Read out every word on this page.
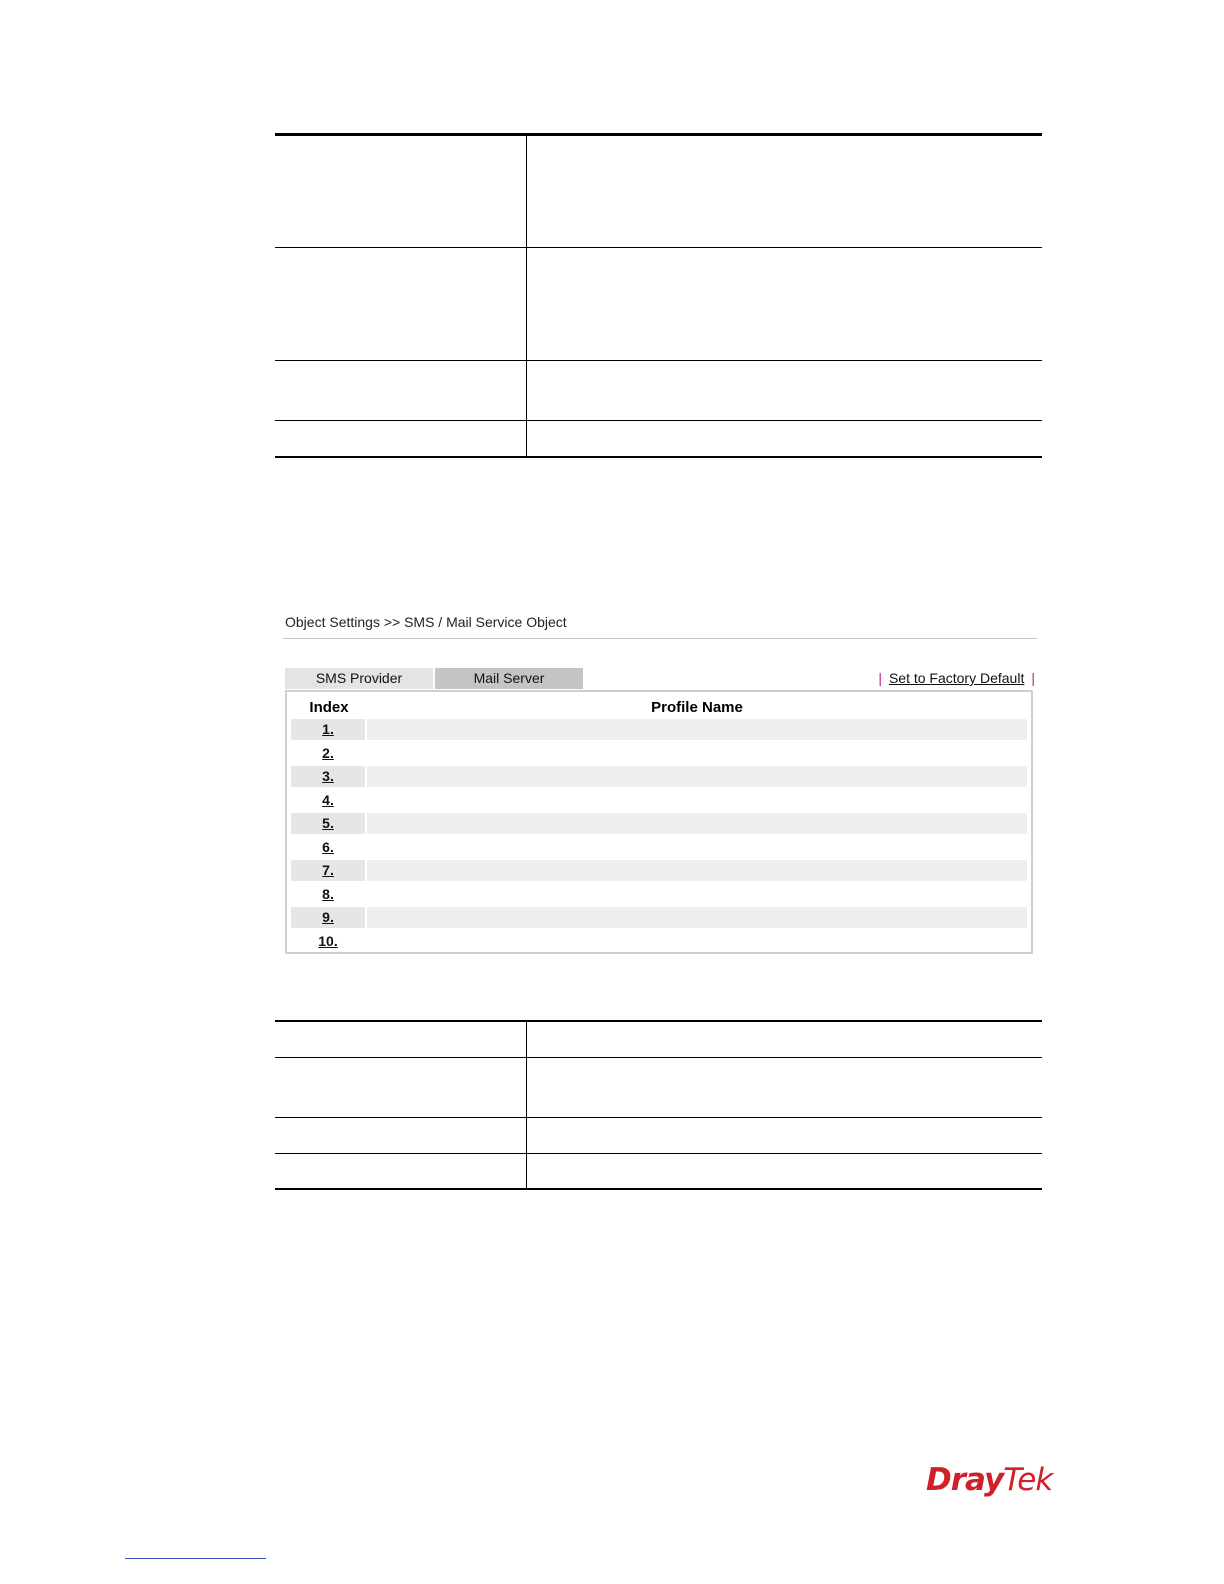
Object Settings >> SMS / Mail Service Object
SMS Provider	Mail Server	| Set to Factory Default |
Index	Profile Name
1.
2.
3.
4.
5.
6.
7.
8.
9.
10.

DrayTek
